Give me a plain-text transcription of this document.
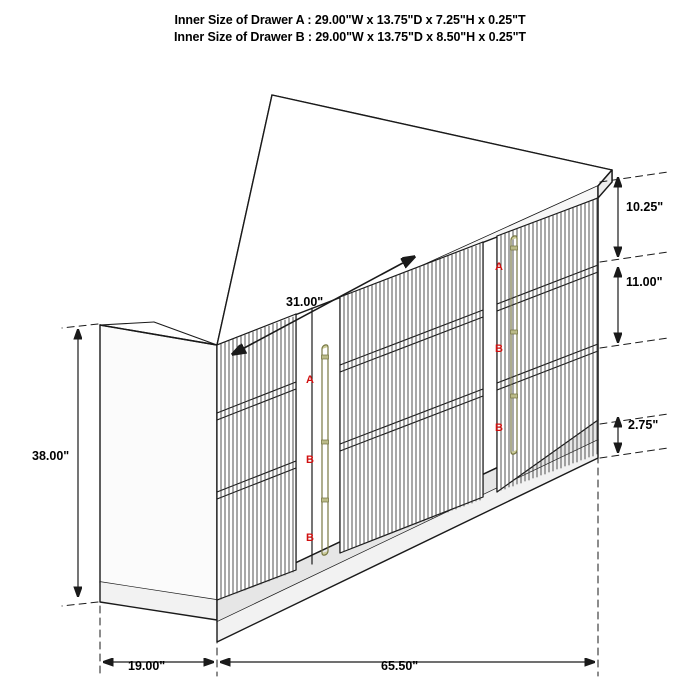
Inner Size of Drawer A : 29.00"W x 13.75"D x 7.25"H x 0.25"T
Inner Size of Drawer B : 29.00"W x 13.75"D x 8.50"H x 0.25"T
31.00"
10.25"
11.00"
2.75"
38.00"
19.00"	65.50"
A
B
B
A
B
B
